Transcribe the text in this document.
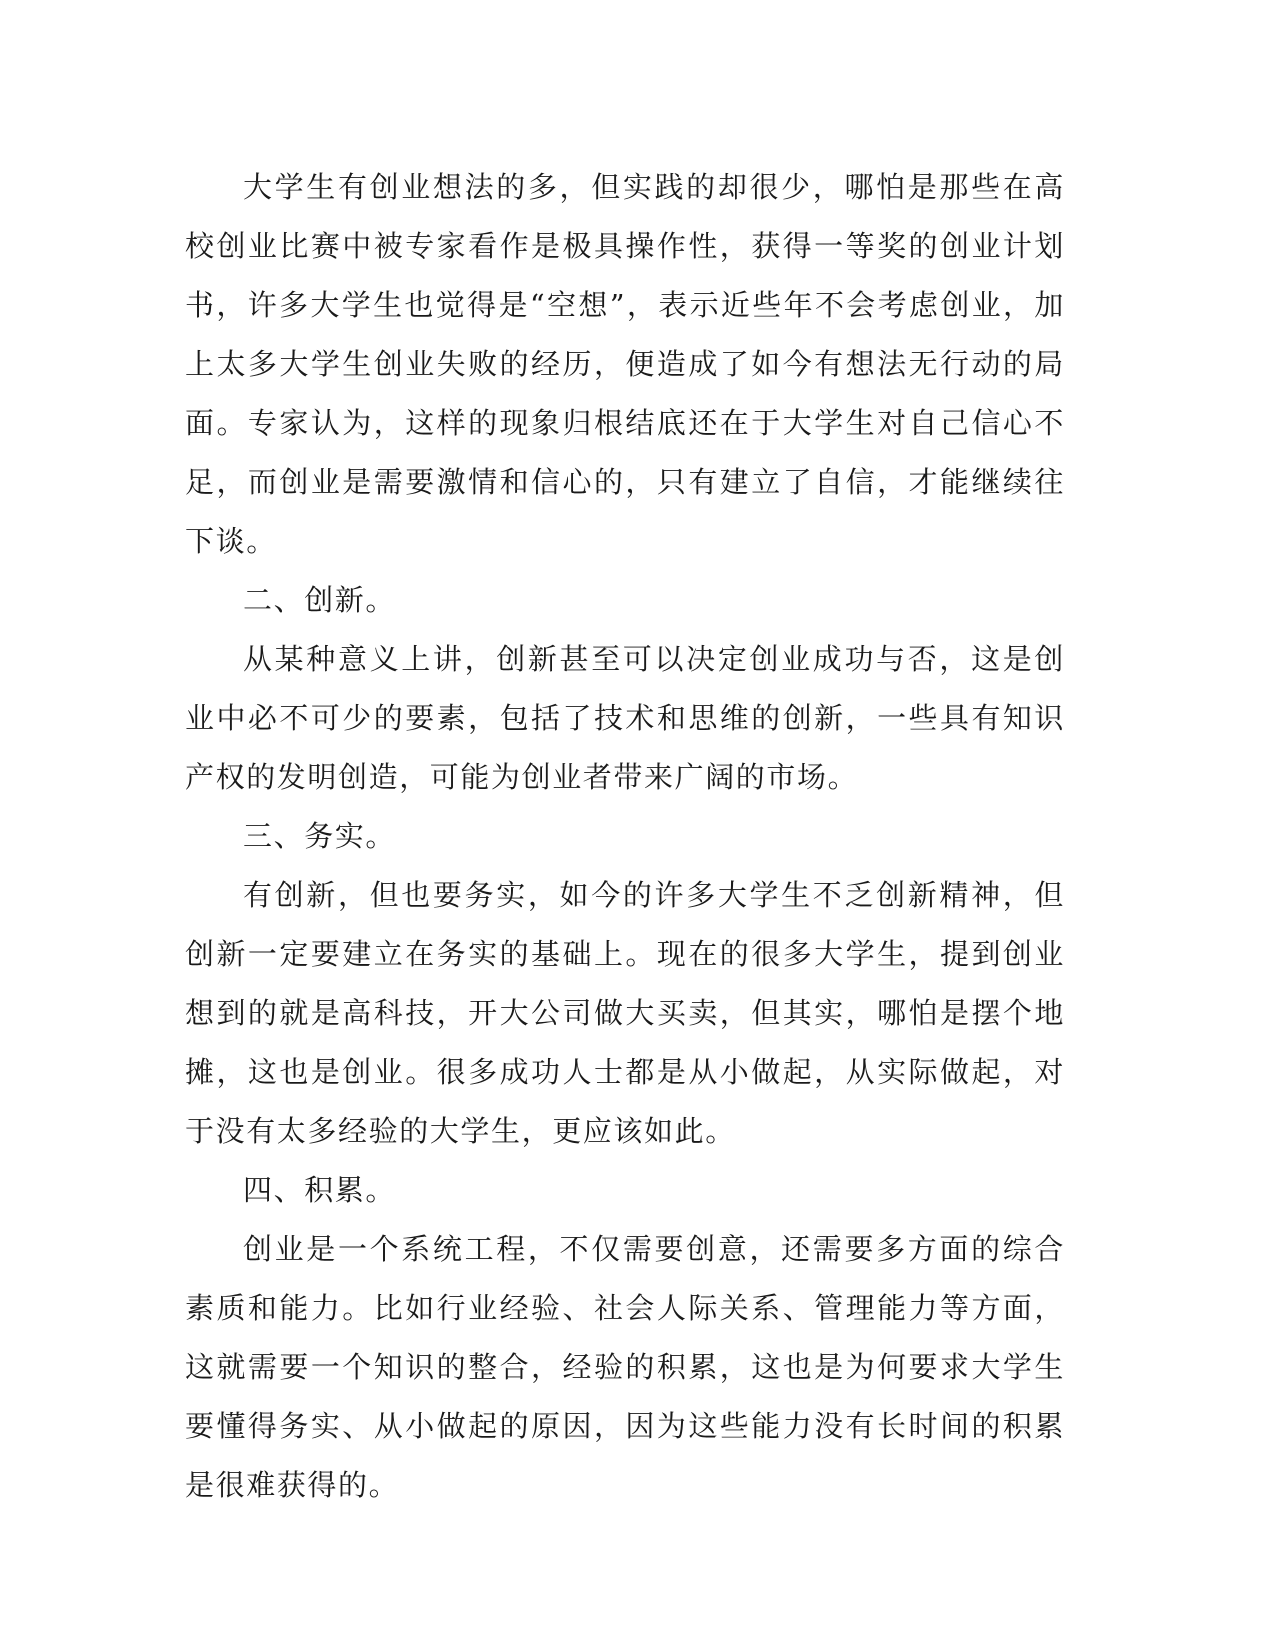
大学生有创业想法的多，但实践的却很少，哪怕是那些在高校创业比赛中被专家看作是极具操作性，获得一等奖的创业计划书，许多大学生也觉得是“空想”，表示近些年不会考虑创业，加上太多大学生创业失败的经历，便造成了如今有想法无行动的局面。专家认为，这样的现象归根结底还在于大学生对自己信心不足，而创业是需要激情和信心的，只有建立了自信，才能继续往下谈。

二、创新。

从某种意义上讲，创新甚至可以决定创业成功与否，这是创业中必不可少的要素，包括了技术和思维的创新，一些具有知识产权的发明创造，可能为创业者带来广阔的市场。

三、务实。

有创新，但也要务实，如今的许多大学生不乏创新精神，但创新一定要建立在务实的基础上。现在的很多大学生，提到创业想到的就是高科技，开大公司做大买卖，但其实，哪怕是摆个地摊，这也是创业。很多成功人士都是从小做起，从实际做起，对于没有太多经验的大学生，更应该如此。

四、积累。

创业是一个系统工程，不仅需要创意，还需要多方面的综合素质和能力。比如行业经验、社会人际关系、管理能力等方面，这就需要一个知识的整合，经验的积累，这也是为何要求大学生要懂得务实、从小做起的原因，因为这些能力没有长时间的积累是很难获得的。
